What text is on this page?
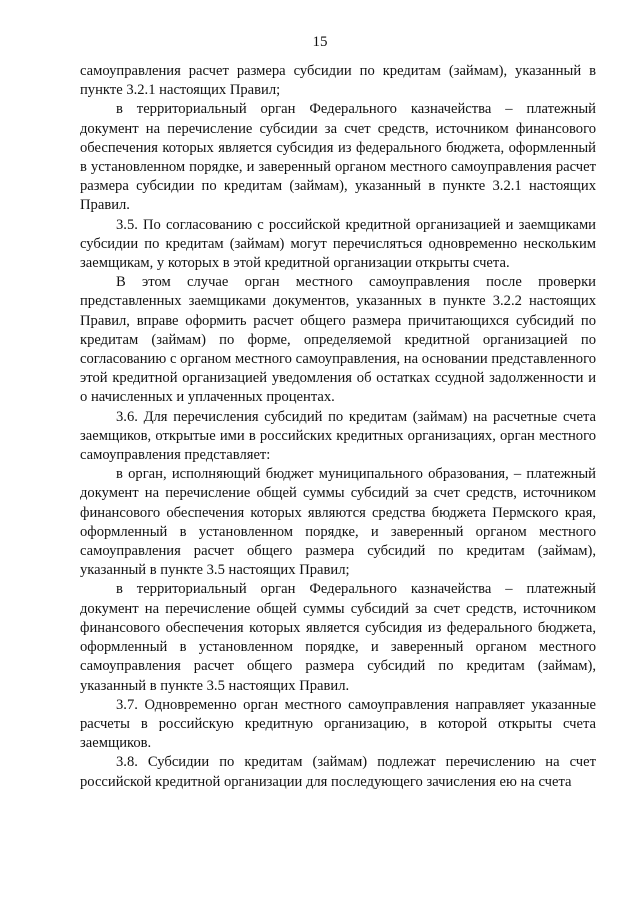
15

самоуправления расчет размера субсидии по кредитам (займам), указанный в пункте 3.2.1 настоящих Правил;

в территориальный орган Федерального казначейства – платежный документ на перечисление субсидии за счет средств, источником финансового обеспечения которых является субсидия из федерального бюджета, оформленный в установленном порядке, и заверенный органом местного самоуправления расчет размера субсидии по кредитам (займам), указанный в пункте 3.2.1 настоящих Правил.

3.5. По согласованию с российской кредитной организацией и заемщиками субсидии по кредитам (займам) могут перечисляться одновременно нескольким заемщикам, у которых в этой кредитной организации открыты счета.

В этом случае орган местного самоуправления после проверки представленных заемщиками документов, указанных в пункте 3.2.2 настоящих Правил, вправе оформить расчет общего размера причитающихся субсидий по кредитам (займам) по форме, определяемой кредитной организацией по согласованию с органом местного самоуправления, на основании представленного этой кредитной организацией уведомления об остатках ссудной задолженности и о начисленных и уплаченных процентах.

3.6. Для перечисления субсидий по кредитам (займам) на расчетные счета заемщиков, открытые ими в российских кредитных организациях, орган местного самоуправления представляет:

в орган, исполняющий бюджет муниципального образования, – платежный документ на перечисление общей суммы субсидий за счет средств, источником финансового обеспечения которых являются средства бюджета Пермского края, оформленный в установленном порядке, и заверенный органом местного самоуправления расчет общего размера субсидий по кредитам (займам), указанный в пункте 3.5 настоящих Правил;

в территориальный орган Федерального казначейства – платежный документ на перечисление общей суммы субсидий за счет средств, источником финансового обеспечения которых является субсидия из федерального бюджета, оформленный в установленном порядке, и заверенный органом местного самоуправления расчет общего размера субсидий по кредитам (займам), указанный в пункте 3.5 настоящих Правил.

3.7. Одновременно орган местного самоуправления направляет указанные расчеты в российскую кредитную организацию, в которой открыты счета заемщиков.

3.8. Субсидии по кредитам (займам) подлежат перечислению на счет российской кредитной организации для последующего зачисления ею на счета
